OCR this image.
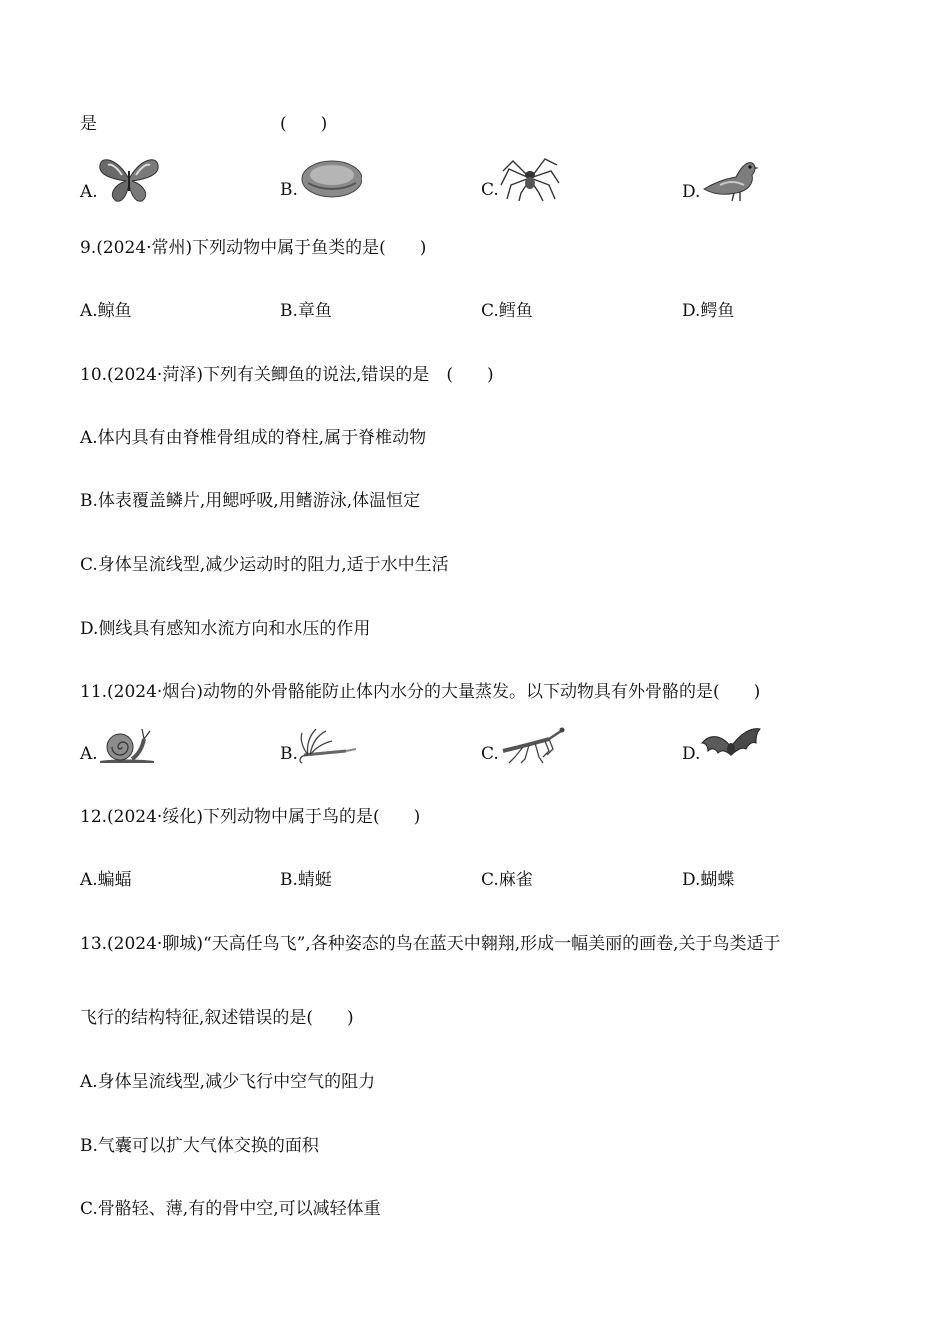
是	(　　)
A.	B.	C.	D.
9.(2024·常州)下列动物中属于鱼类的是(　　)
A.鲸鱼	B.章鱼	C.鳕鱼	D.鳄鱼
10.(2024·菏泽)下列有关鲫鱼的说法,错误的是　(　　)
A.体内具有由脊椎骨组成的脊柱,属于脊椎动物
B.体表覆盖鳞片,用鳃呼吸,用鳍游泳,体温恒定
C.身体呈流线型,减少运动时的阻力,适于水中生活
D.侧线具有感知水流方向和水压的作用
11.(2024·烟台)动物的外骨骼能防止体内水分的大量蒸发。以下动物具有外骨骼的是(　　)
A.	B.	C.	D.
12.(2024·绥化)下列动物中属于鸟的是(　　)
A.蝙蝠	B.蜻蜓	C.麻雀	D.蝴蝶
13.(2024·聊城)“天高任鸟飞”,各种姿态的鸟在蓝天中翱翔,形成一幅美丽的画卷,关于鸟类适于
飞行的结构特征,叙述错误的是(　　)
A.身体呈流线型,减少飞行中空气的阻力
B.气囊可以扩大气体交换的面积
C.骨骼轻、薄,有的骨中空,可以减轻体重
